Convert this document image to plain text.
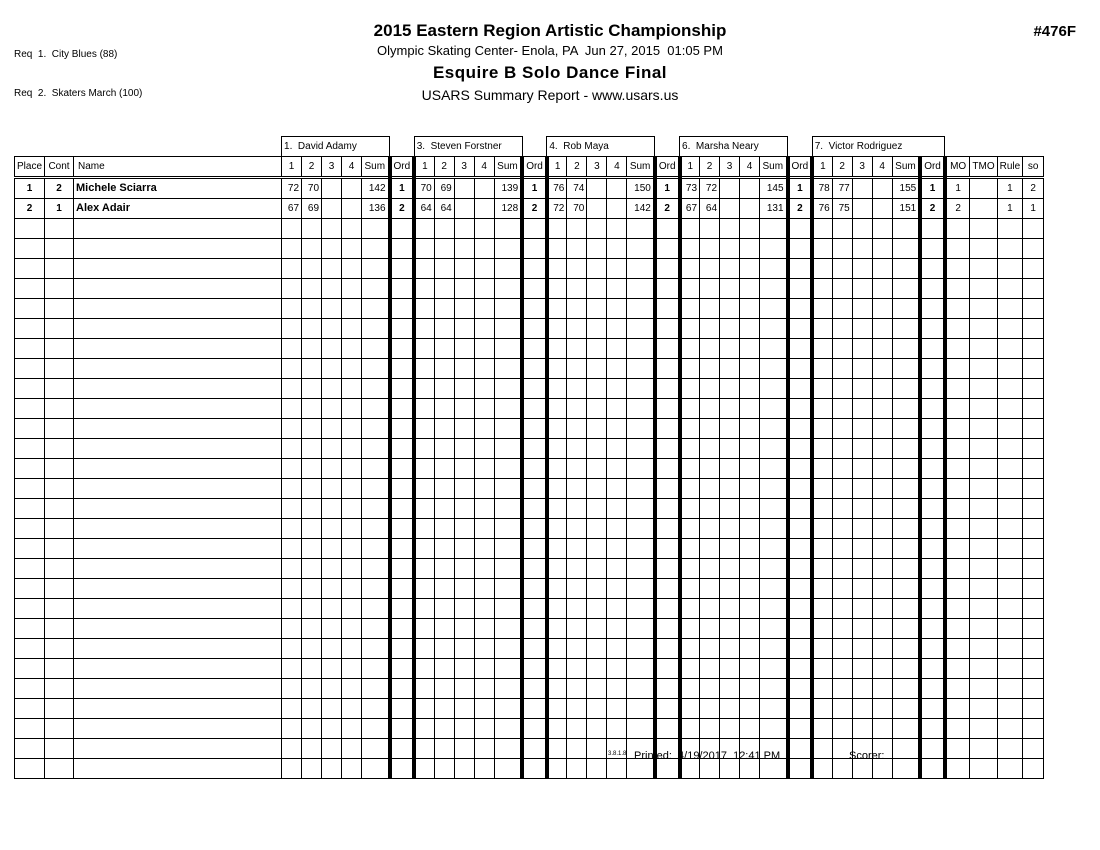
Req  1.  City Blues (88)

Req  2.  Skaters March (100)

2015 Eastern Region Artistic Championship
Olympic Skating Center- Enola, PA  Jun 27, 2015  01:05 PM
Esquire B Solo Dance Final
USARS Summary Report - www.usars.us
#476F
			1.  David Adamy						3.  Steven Forstner						4.  Rob Maya						6.  Marsha Neary						7.  Victor Rodriguez									
Place	Cont	Name	1	2	3	4	Sum	Ord	1	2	3	4	Sum	Ord	1	2	3	4	Sum	Ord	1	2	3	4	Sum	Ord	1	2	3	4	Sum	Ord	MO	TMO	Rule	so
1	2	Michele Sciarra	72	70			142	1	70	69			139	1	76	74			150	1	73	72			145	1	78	77			155	1	1		1	2
2	1	Alex Adair	67	69			136	2	64	64			128	2	72	70			142	2	67	64			131	2	76	75			151	2	2		1	1

3.8.1.8 Printed:  4/19/2017  12:41 PM	Scorer:
